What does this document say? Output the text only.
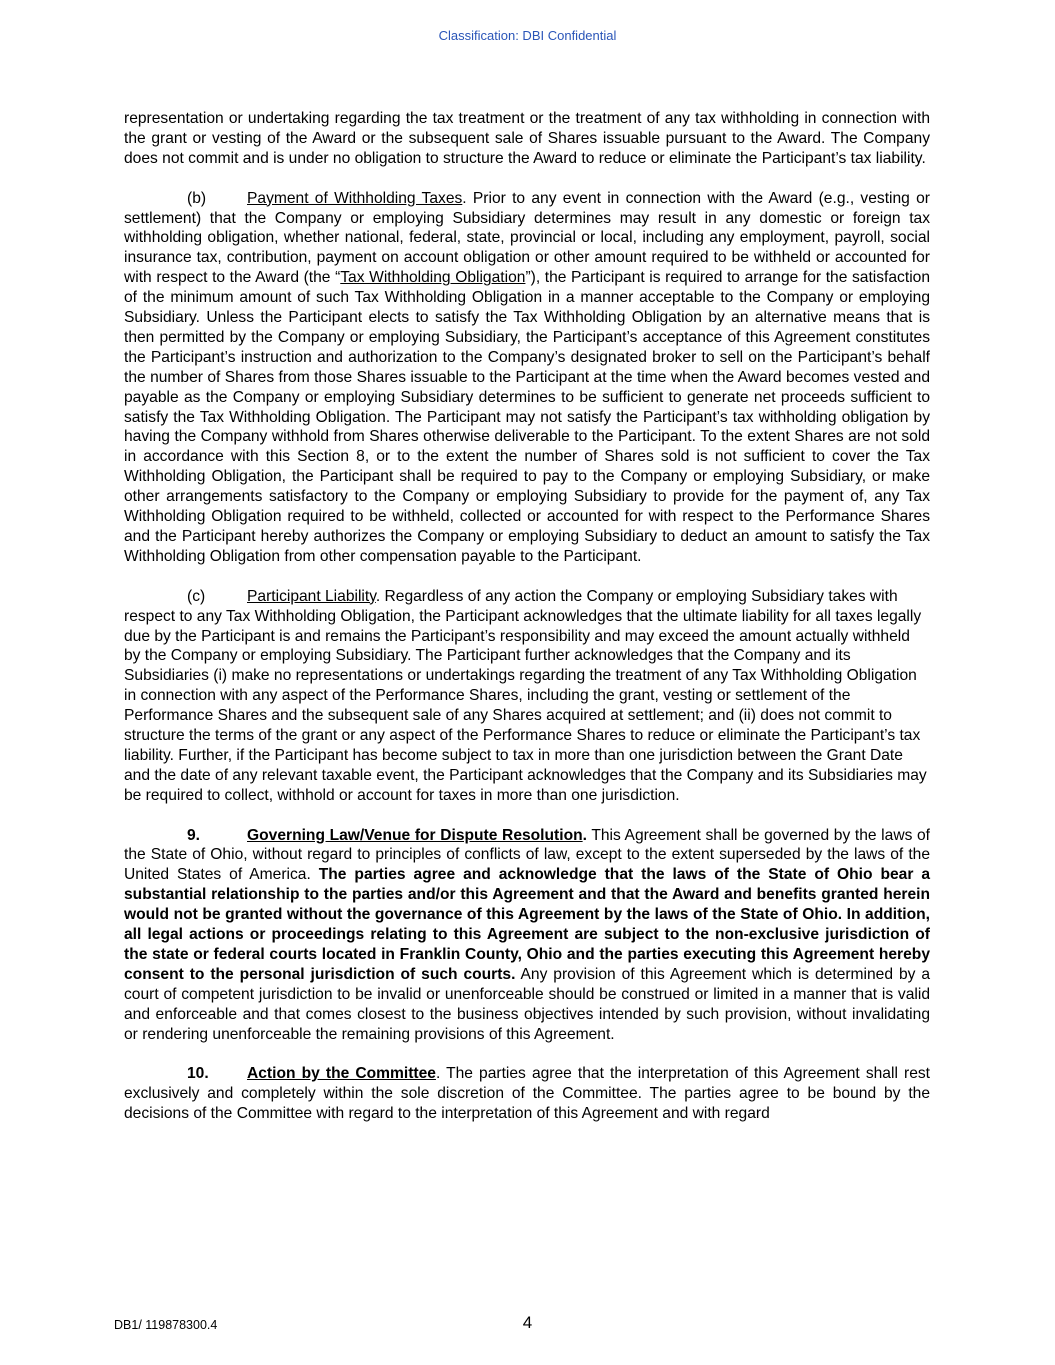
Classification: DBI Confidential

representation or undertaking regarding the tax treatment or the treatment of any tax withholding in connection with the grant or vesting of the Award or the subsequent sale of Shares issuable pursuant to the Award. The Company does not commit and is under no obligation to structure the Award to reduce or eliminate the Participant’s tax liability.

(b)	Payment of Withholding Taxes. Prior to any event in connection with the Award (e.g., vesting or settlement) that the Company or employing Subsidiary determines may result in any domestic or foreign tax withholding obligation, whether national, federal, state, provincial or local, including any employment, payroll, social insurance tax, contribution, payment on account obligation or other amount required to be withheld or accounted for with respect to the Award (the “Tax Withholding Obligation”), the Participant is required to arrange for the satisfaction of the minimum amount of such Tax Withholding Obligation in a manner acceptable to the Company or employing Subsidiary. Unless the Participant elects to satisfy the Tax Withholding Obligation by an alternative means that is then permitted by the Company or employing Subsidiary, the Participant’s acceptance of this Agreement constitutes the Participant’s instruction and authorization to the Company’s designated broker to sell on the Participant’s behalf the number of Shares from those Shares issuable to the Participant at the time when the Award becomes vested and payable as the Company or employing Subsidiary determines to be sufficient to generate net proceeds sufficient to satisfy the Tax Withholding Obligation. The Participant may not satisfy the Participant’s tax withholding obligation by having the Company withhold from Shares otherwise deliverable to the Participant. To the extent Shares are not sold in accordance with this Section 8, or to the extent the number of Shares sold is not sufficient to cover the Tax Withholding Obligation, the Participant shall be required to pay to the Company or employing Subsidiary, or make other arrangements satisfactory to the Company or employing Subsidiary to provide for the payment of, any Tax Withholding Obligation required to be withheld, collected or accounted for with respect to the Performance Shares and the Participant hereby authorizes the Company or employing Subsidiary to deduct an amount to satisfy the Tax Withholding Obligation from other compensation payable to the Participant.

(c)	Participant Liability. Regardless of any action the Company or employing Subsidiary takes with respect to any Tax Withholding Obligation, the Participant acknowledges that the ultimate liability for all taxes legally due by the Participant is and remains the Participant’s responsibility and may exceed the amount actually withheld by the Company or employing Subsidiary. The Participant further acknowledges that the Company and its Subsidiaries (i) make no representations or undertakings regarding the treatment of any Tax Withholding Obligation in connection with any aspect of the Performance Shares, including the grant, vesting or settlement of the Performance Shares and the subsequent sale of any Shares acquired at settlement; and (ii) does not commit to structure the terms of the grant or any aspect of the Performance Shares to reduce or eliminate the Participant’s tax liability. Further, if the Participant has become subject to tax in more than one jurisdiction between the Grant Date and the date of any relevant taxable event, the Participant acknowledges that the Company and its Subsidiaries may be required to collect, withhold or account for taxes in more than one jurisdiction.

9.	Governing Law/Venue for Dispute Resolution. This Agreement shall be governed by the laws of the State of Ohio, without regard to principles of conflicts of law, except to the extent superseded by the laws of the United States of America. The parties agree and acknowledge that the laws of the State of Ohio bear a substantial relationship to the parties and/or this Agreement and that the Award and benefits granted herein would not be granted without the governance of this Agreement by the laws of the State of Ohio. In addition, all legal actions or proceedings relating to this Agreement are subject to the non-exclusive jurisdiction of the state or federal courts located in Franklin County, Ohio and the parties executing this Agreement hereby consent to the personal jurisdiction of such courts. Any provision of this Agreement which is determined by a court of competent jurisdiction to be invalid or unenforceable should be construed or limited in a manner that is valid and enforceable and that comes closest to the business objectives intended by such provision, without invalidating or rendering unenforceable the remaining provisions of this Agreement.

10. Action by the Committee. The parties agree that the interpretation of this Agreement shall rest exclusively and completely within the sole discretion of the Committee. The parties agree to be bound by the decisions of the Committee with regard to the interpretation of this Agreement and with regard

DB1/ 119878300.4	4
